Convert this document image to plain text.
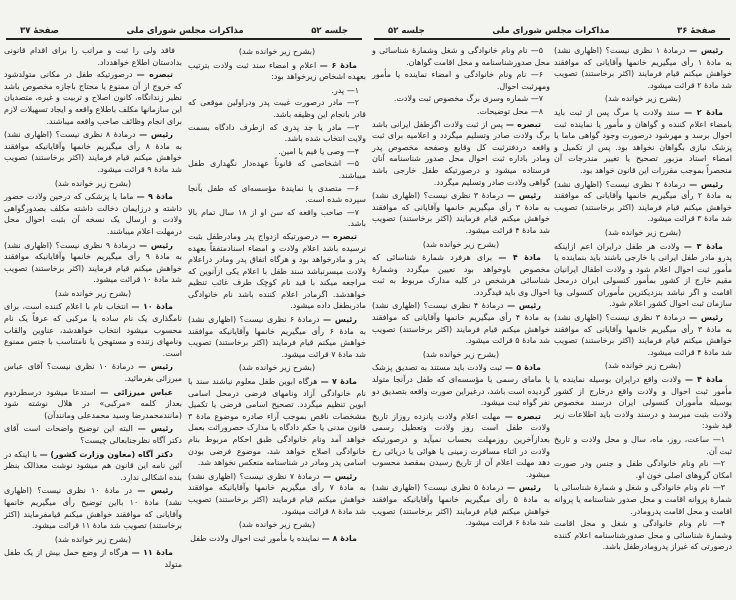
جلسه ۵۲	مذاکرات مجلس شورای ملی	صفحهٔ ۳۶

رئیس — درمادهٔ ۱ نظری نیست؟ (اظهاری نشد) به مادهٔ ۱ رأی میگیریم خانمها وآقایانی که موافقند خواهش میکنم قیام فرمایند (اکثر برخاستند) تصویب شد مادهٔ ۲ قرائت میشود.

(بشرح زیر خوانده شد)

مادهٔ ۲ — سند ولادت یا مرگ پس از ثبت باید بامضاء اعلام کننده و گواهان و مأمور یا نماینده ثبت احوال برسد و مهرشود درصورت وجود گواهی ماما یا پزشک نیازی بگواهان نخواهد بود. پس از تکمیل و امضاء اسناد مزبور تصحیح یا تغییر مندرجات آن منحصراً بموجب مقررات این قانون خواهد بود.

رئیس — درمادهٔ ۲ نظری نیست؟ (اظهاری نشد) به مادهٔ ۲ رأی میگیریم خانمها وآقایانی که موافقند خواهش میکنم قیام فرمایند (اکثر برخاستند) تصویب شد مادهٔ ۳ قرائت میشود.

(بشرح زیر خوانده شد)

مادهٔ ۳ — ولادت هر طفل درایران اعم ازاینکه پدرو مادر طفل ایرانی یا خارجی باشند باید بنماینده یا مأمور ثبت احوال اعلام شود و ولادت اطفال ایرانیان مقیم خارج از کشور بمأمور کنسولی ایران درمحل اقامت و اگر نباشد بنزدیکترین مأموران کنسولی ویا سازمان ثبت احوال کشور اعلام شود.

رئیس — درمادهٔ ۳ نظری نیست؟ (اظهاری نشد) به مادهٔ ۳ رأی میگیریم خانمها وآقایانی که موافقند خواهش میکنم قیام فرمایند (اکثر برخاستند) تصویب شد مادهٔ ۴ قرائت میشود.

(بشرح زیر خوانده شد)

مادهٔ ۴ — ولادت واقع درایران بوسیله نماینده یا مأمور ثبت احوال و ولادت واقع درخارج از کشور بوسیله مأموران کنسولی ایران درسند مخصوص ولادت بثبت میرسد و درسند ولادت باید اطلاعات زیر قید شود:

۱— ساعت، روز، ماه، سال و محل ولادت و تاریخ ثبت آن.

۲— نام ونام خانوادگی طفل و جنس ودر صورت امکان گروهای اصلی خون او.

۳— نام ونام خانوادگی و شغل و شمارهٔ شناسائی یا شمارهٔ پروانه اقامت و محل صدور شناسنامه یا پروانه اقامت و محل اقامت پدرومادر.

۴— نام ونام خانوادگی و شغل و محل اقامت وشمارهٔ شناسائی و محل صدورشناسنامه اعلام کننده درصورتی که غیراز پدرومادرطفل باشد.

۵— نام ونام خانوادگی و شغل وشمارهٔ شناسائی و محل صدورشناسنامه و محل اقامت گواهان.

۶— نام ونام خانوادگی و امضاء نماینده یا مأمور ومهرثبت احوال.

۷— شماره وسری برگ مخصوص ثبت ولادت.

۸— محل توضیحات.

تبصره — پس از ثبت ولادت اگرطفل ایرانی باشد برگ ولادت صادر وتسلیم میگردد و اعلامیه برای ثبت واقعه دردفترثبت کل وقایع وصفحه مخصوص پدر ومادر باداره ثبت احوال محل صدور شناسنامه آنان فرستاده میشود و درصورتیکه طفل خارجی باشد گواهی ولادت صادر وتسلیم میگردد.

رئیس — درمادهٔ ۳ نظری نیست؟ (اظهاری نشد) به مادهٔ ۳ رأی میگیریم خانمها وآقایانی که موافقند خواهش میکنم قیام فرمایند (اکثر برخاستند) تصویب شد مادهٔ ۴ قرائت میشود.

(بشرح زیر خوانده شد)

مادهٔ ۴ — برای هرفرد شمارهٔ شناسائی که مخصوص باوخواهد بود تعیین میگردد وشمارهٔ شناسائی هرشخص در کلیه مدارک مربوط به ثبت احوال وی باید قیدگردد.

رئیس — درمادهٔ ۴ نظری نیست؟ (اظهاری نشد) به مادهٔ ۴ رأی میگیریم خانمها وآقایانی که موافقند خواهش میکنم قیام فرمایند (اکثر برخاستند) تصویب شد مادهٔ ۵ قرائت میشود.

(بشرح زیر خوانده شد)

مادهٔ ۵ — ثبت ولادت باید مستند به تصدیق پزشک یا مامای رسمی یا مؤسسه‌ای که طفل درآنجا متولد گردیده است باشد، درغیراین صورت واقعه بتصدیق دو نفر گواه ثبت میشود.

تبصره — مهلت اعلام ولادت پانزده روزاز تاریخ ولادت طفل است روز ولادت وتعطیل رسمی بعدازآخرین روزمهلت بحساب نمیآید و درصورتیکه ولادت در اثناء مسافرت زمینی یا هوائی یا دریائی رخ دهد مهلت اعلام آن از تاریخ رسیدن بمقصد محسوب میشود.

رئیس — درمادهٔ ۵ نظری نیست؟ (اظهاری نشد) به مادهٔ ۵ رأی میگیریم خانمها وآقایانیکه موافقند خواهش میکنم قیام فرمایند (اکثر برخاستند) تصویب شد مادهٔ ۶ قرائت میشود.

صفحهٔ ۳۷	مذاکرات مجلس شورای ملی	جلسه ۵۲

(بشرح زیر خوانده شد)

مادهٔ ۶ — اعلام و امضاء سند ثبت ولادت بترتیب بعهده اشخاص زیرخواهد بود:

۱— پدر.

۲— مادر درصورت غیبت پدر ودراولین موقعی که قادر بانجام این وظیفه باشد.

۳— مادر یا جد پدری که ازطرف دادگاه بسمت ولایت انتخاب شده باشد.

۴— وصی یا قیم یا امین.

۵— اشخاصی که قانوناً عهده‌دار نگهداری طفل میباشند.

۶— متصدی یا نمایندهٔ مؤسسه‌ای که طفل بآنجا سپرده شده است.

۷— صاحب واقعه که سن او از ۱۸ سال تمام بالا باشد.

تبصره — درصورتیکه ازدواج پدر ومادرطفل بثبت نرسیده باشد اعلام ولادت و امضاء اسنادمتفقاً بعهده پدر و مادرخواهد بود و هرگاه اتفاق پدر ومادر دراعلام ولادت میسرنباشد سند طفل با اعلام یکی ازآنوین که مراجعه میکند با قید نام کوچک طرف غائب تنظیم خواهدشد. اگرمادر اعلام کننده باشد نام خانوادگی مادربطفل داده میشود.

رئیس — درمادهٔ ۶ نظری نیست؟ (اظهاری نشد) به مادهٔ ۶ رأی میگیریم خانمها وآقایانیکه موافقند خواهش میکنم قیام فرمایند (اکثر برخاستند) تصویب شد مادهٔ ۷ قرائت میشود.

(بشرح زیر خوانده شد)

مادهٔ ۷ — هرگاه ابوین طفل معلوم نباشند سند با نام خانوادگی آزاد ونامهای فرضی درمحل اسامی ابوین تنظیم میگردد. تصحیح اسامی فرضی یا تکمیل مشخصات ناقص بموجب آراء صادره موضوع مادهٔ ۳ قانون مدنی یا حکم دادگاه یا مدارک حصروراثت بعمل خواهد آمد ونام خانوادگی طبق احکام مربوط بنام خانوادگی اصلاح خواهد شد، موضوع فرضی بودن اسامی پدر ومادر در شناسنامه منعکس نخواهد شد.

رئیس — درمادهٔ ۷ نظری نیست؟ (اظهاری نشد) به مادهٔ ۷ رأی میگیریم خانمها وآقایانیکه موافقند خواهش میکنم قیام فرمایند (اکثر برخاستند) تصویب شد مادهٔ ۸ قرائت میشود.

(بشرح زیر خوانده شد)

مادهٔ ۸ — نماینده یا مأمور ثبت احوال ولادت طفل

فاقد ولی را ثبت و مراتب را برای اقدام قانونی بدادستان اطلاع خواهدداد.

تبصره — درصورتیکه طفل در مکانی متولدشود که خروج از آن ممنوع یا محتاج باجازه مخصوص باشد نظیر زندانگاه، کانون اصلاح و تربیت و غیره، متصدیان این سازمانها مکلف باطلاع واقعه و ایجاد تسهیلات لازم برای انجام وظائف صاحب واقعه میباشند.

رئیس — درمادهٔ ۸ نظری نیست؟ (اظهاری نشد) به مادهٔ ۸ رأی میگیریم خانمها وآقایانیکه موافقند خواهش میکنم قیام فرمایند (اکثر برخاستند) تصویب شد مادهٔ ۹ قرائت میشود.

(بشرح زیر خوانده شد)

مادهٔ ۹ — ماما یا پزشکی که درحین ولادت حضور داشته و درزایمان دخالت داشته مکلف بصدورگواهی ولادت و ارسال یک نسخه آن بثبت احوال محل درمهلت اعلام میباشند.

رئیس — درمادهٔ ۹ نظری نیست؟ (اظهاری نشد) به مادهٔ ۹ رأی میگیریم خانمها وآقایانیکه موافقند خواهش میکنم قیام فرمایند (اکثر برخاستند) تصویب شد مادهٔ ۱۰ قرائت میشود.

(بشرح زیر خوانده شد)

مادهٔ ۱۰ — انتخاب نام با اعلام کننده است، برای نامگذاری یک نام ساده یا مرکبی که عرفاً یک نام محسوب میشود انتخاب خواهدشد، عناوین والقاب ونامهای زننده و مستهجن یا نامتناسب با جنس ممنوع است.

رئیس — درمادهٔ ۱۰ نظری نیست؟ آقای عباس میرزائی بفرمائید.

عباس میرزائی — استدعا میشود درسطردوم بعداز کلمه «مرکبی» در هلال نوشته شود (مانندمحمدرضا وسید محمدعلی ومانندآن)

رئیس — البته این توضیح واضحات است آقای دکتر آگاه نظرجنابعالی چیست؟

دکتر آگاه (معاون وزارت کشور) — با اینکه در آئین نامه این قانون هم میشود نوشت معذالک بنظر بنده اشکالی ندارد.

رئیس — در مادهٔ ۱۰ نظری نیست؟ (اظهاری نشد) مادهٔ ۱۰ بااین توضیح رأی میگیریم خانمها وآقایانی که موافقند خواهش میکنم قیامفرمایند (اکثر برخاستند) تصویب شد مادهٔ ۱۱ قرائت میشود.

(بشرح زیر خوانده شد)

مادهٔ ۱۱ — هرگاه از وضع حمل بیش از یک طفل متولد
